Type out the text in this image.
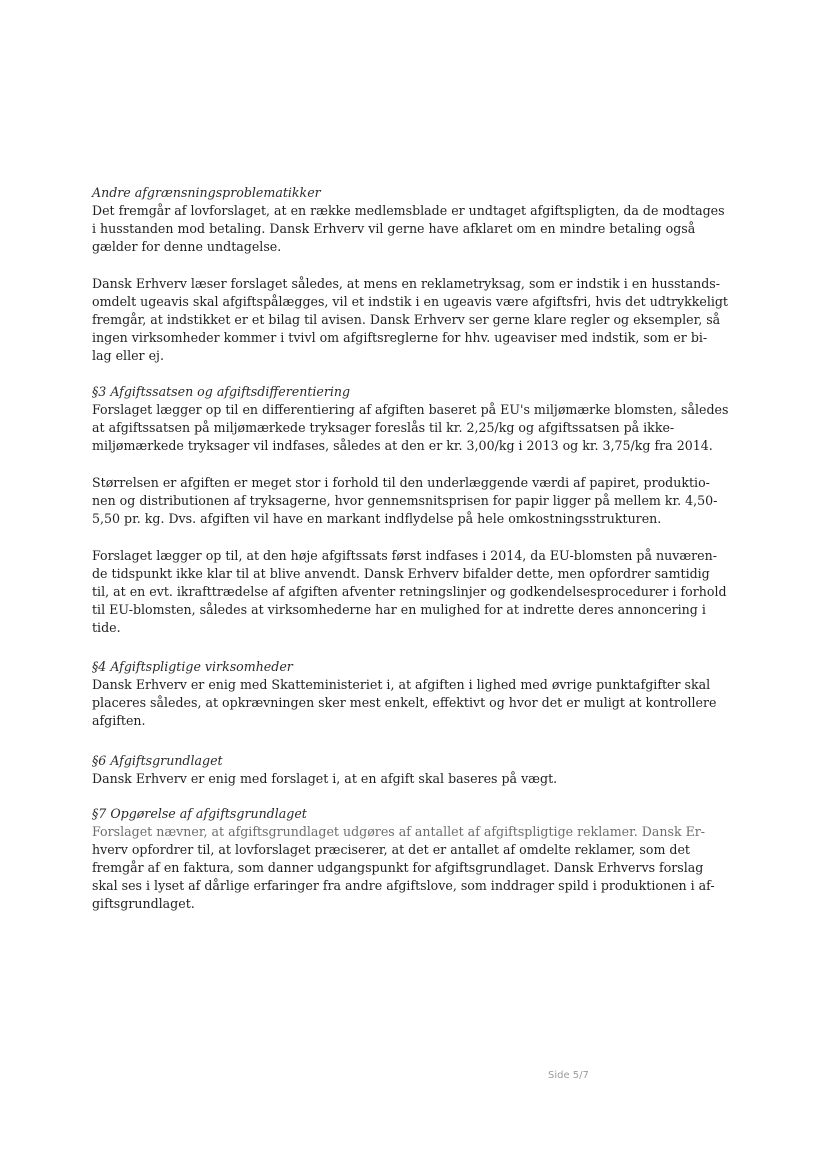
Andre afgrænsningsproblematikker

Det fremgår af lovforslaget, at en række medlemsblade er undtaget afgiftspligten, da de modtages

i husstanden mod betaling. Dansk Erhverv vil gerne have afklaret om en mindre betaling også

gælder for denne undtagelse.

Dansk Erhverv læser forslaget således, at mens en reklametryksag, som er indstik i en husstands-

omdelt ugeavis skal afgiftspålægges, vil et indstik i en ugeavis være afgiftsfri, hvis det udtrykkeligt

fremgår, at indstikket er et bilag til avisen. Dansk Erhverv ser gerne klare regler og eksempler, så

ingen virksomheder kommer i tvivl om afgiftsreglerne for hhv. ugeaviser med indstik, som er bi-

lag eller ej.

§3 Afgiftssatsen og afgiftsdifferentiering

Forslaget lægger op til en differentiering af afgiften baseret på EU's miljømærke blomsten, således

at afgiftssatsen på miljømærkede tryksager foreslås til kr. 2,25/kg og afgiftssatsen på ikke-

miljømærkede tryksager vil indfases, således at den er kr. 3,00/kg i 2013 og kr. 3,75/kg fra 2014.

Størrelsen er afgiften er meget stor i forhold til den underlæggende værdi af papiret, produktio-

nen og distributionen af tryksagerne, hvor gennemsnitsprisen for papir ligger på mellem kr. 4,50-

5,50 pr. kg. Dvs. afgiften vil have en markant indflydelse på hele omkostningsstrukturen.

Forslaget lægger op til, at den høje afgiftssats først indfases i 2014, da EU-blomsten på nuværen-

de tidspunkt ikke klar til at blive anvendt. Dansk Erhverv bifalder dette, men opfordrer samtidig

til, at en evt. ikrafttrædelse af afgiften afventer retningslinjer og godkendelsesprocedurer i forhold

til EU-blomsten, således at virksomhederne har en mulighed for at indrette deres annoncering i

tide.

§4 Afgiftspligtige virksomheder

Dansk Erhverv er enig med Skatteministeriet i, at afgiften i lighed med øvrige punktafgifter skal

placeres således, at opkrævningen sker mest enkelt, effektivt og hvor det er muligt at kontrollere

afgiften.

§6 Afgiftsgrundlaget

Dansk Erhverv er enig med forslaget i, at en afgift skal baseres på vægt.

§7 Opgørelse af afgiftsgrundlaget

Forslaget nævner, at afgiftsgrundlaget udgøres af antallet af afgiftspligtige reklamer. Dansk Er-

hverv opfordrer til, at lovforslaget præciserer, at det er antallet af omdelte reklamer, som det

fremgår af en faktura, som danner udgangspunkt for afgiftsgrundlaget. Dansk Erhvervs forslag

skal ses i lyset af dårlige erfaringer fra andre afgiftslove, som inddrager spild i produktionen i af-

giftsgrundlaget.

Side 5/7
